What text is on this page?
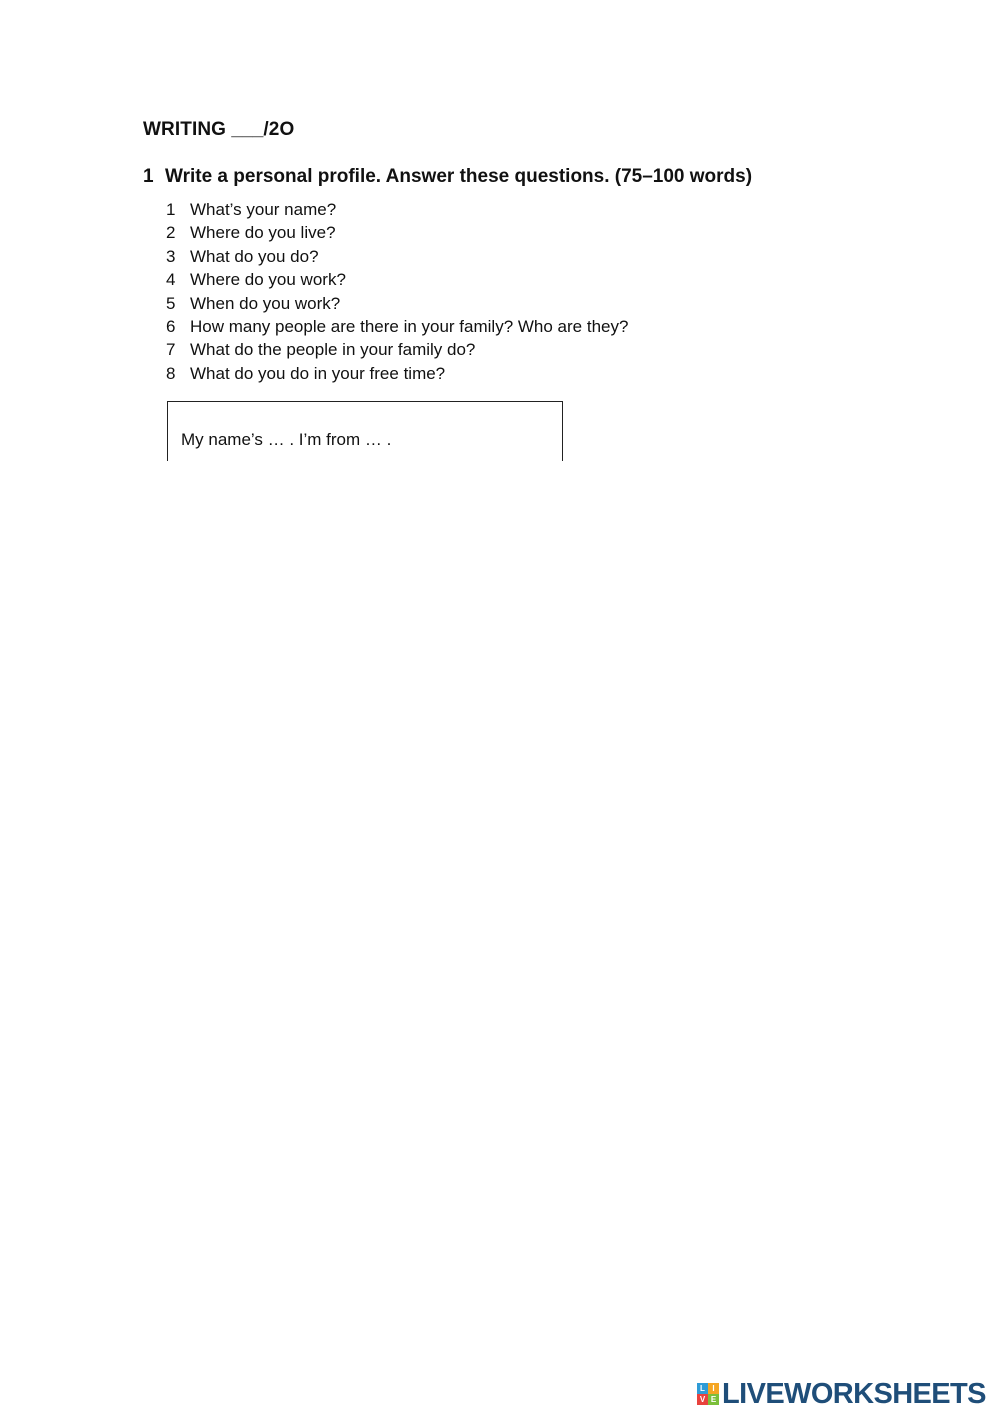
WRITING ___/2O

1 Write a personal profile. Answer these questions. (75–100 words)

1 What’s your name?
2 Where do you live?
3 What do you do?
4 Where do you work?
5 When do you work?
6 How many people are there in your family? Who are they?
7 What do the people in your family do?
8 What do you do in your free time?
My name’s … . I’m from … .
L I
V E LIVEWORKSHEETS
